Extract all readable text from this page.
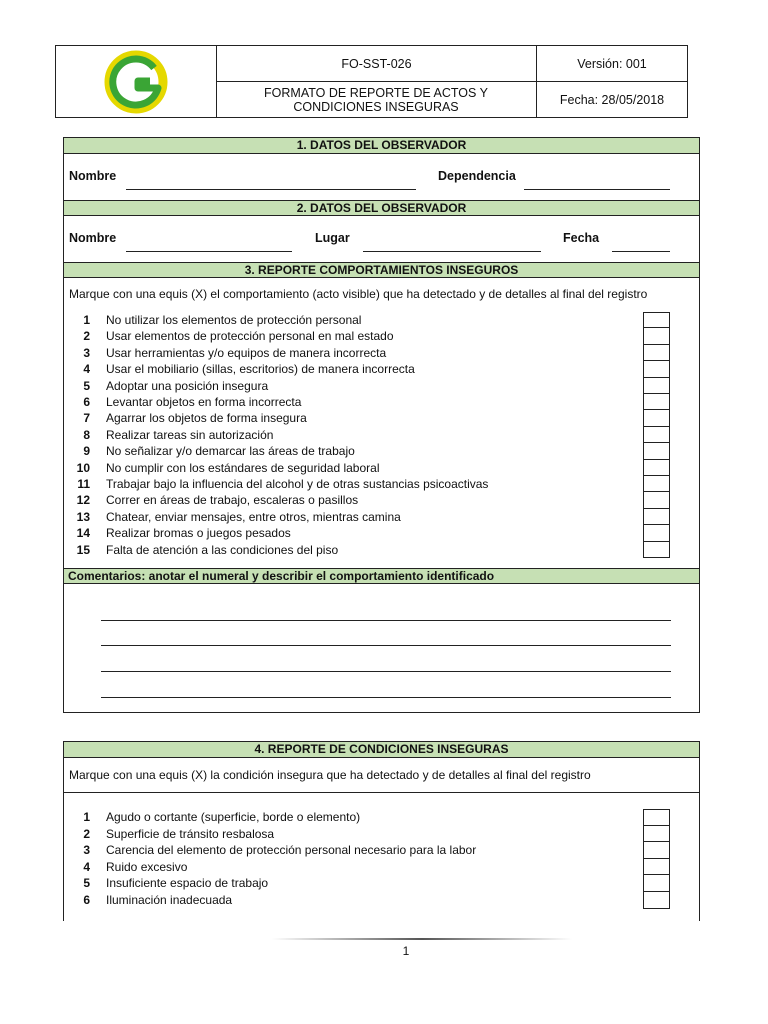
FO-SST-026	Versión: 001
FORMATO DE REPORTE DE ACTOS Y CONDICIONES INSEGURAS	Fecha: 28/05/2018
1. DATOS DEL OBSERVADOR
Nombre	Dependencia
2. DATOS DEL OBSERVADOR
Nombre	Lugar	Fecha
3. REPORTE COMPORTAMIENTOS INSEGUROS
Marque con una equis (X) el comportamiento (acto visible) que ha detectado y de detalles al final del registro
1 No utilizar los elementos de protección personal
2 Usar elementos de protección personal en mal estado
3 Usar herramientas y/o equipos de manera incorrecta
4 Usar el mobiliario (sillas, escritorios) de manera incorrecta
5 Adoptar una posición insegura
6 Levantar objetos en forma incorrecta
7 Agarrar los objetos de forma insegura
8 Realizar tareas sin autorización
9 No señalizar y/o demarcar las áreas de trabajo
10 No cumplir con los estándares de seguridad laboral
11 Trabajar bajo la influencia del alcohol y de otras sustancias psicoactivas
12 Correr en áreas de trabajo, escaleras o pasillos
13 Chatear, enviar mensajes, entre otros, mientras camina
14 Realizar bromas o juegos pesados
15 Falta de atención a las condiciones del piso
Comentarios: anotar el numeral y describir el comportamiento identificado
4. REPORTE DE CONDICIONES INSEGURAS
Marque con una equis (X) la condición insegura que ha detectado y de detalles al final del registro
1 Agudo o cortante (superficie, borde o elemento)
2 Superficie de tránsito resbalosa
3 Carencia del elemento de protección personal necesario para la labor
4 Ruido excesivo
5 Insuficiente espacio de trabajo
6 Iluminación inadecuada
1
